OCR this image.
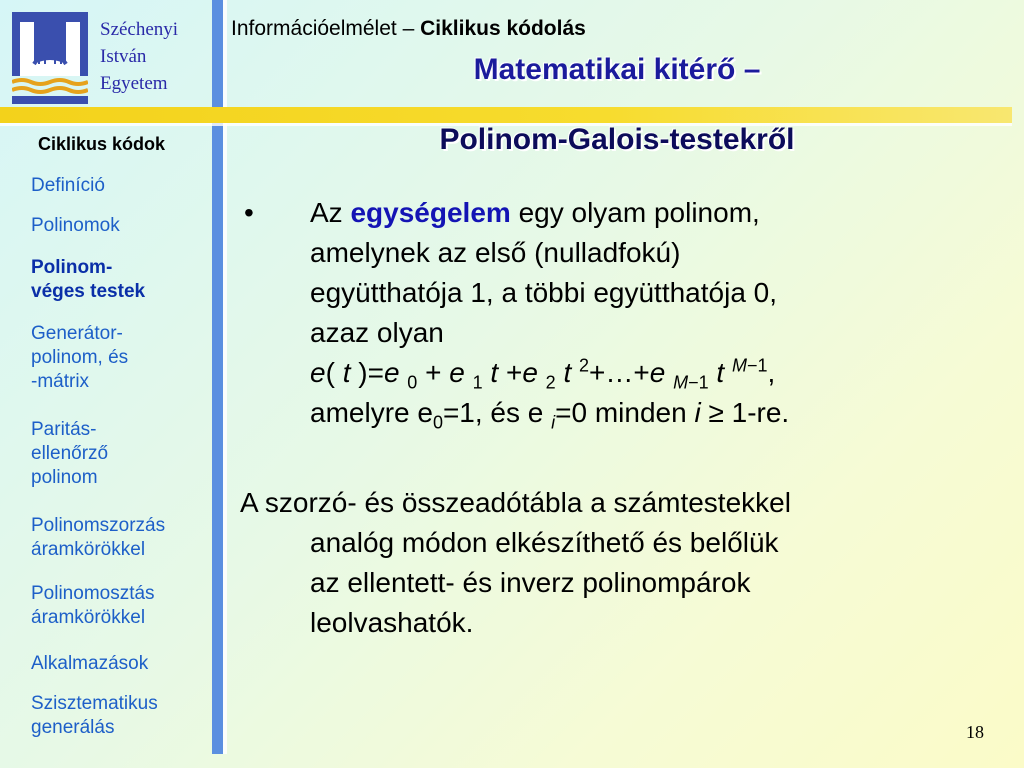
Széchenyi
István
Egyetem
Információelmélet – Ciklikus kódolás
Matematikai kitérő –
Polinom-Galois-testekről
Ciklikus kódok
Definíció
Polinomok
Polinom-
véges testek
Generátor-
polinom, és
-mátrix
Paritás-
ellenőrző
polinom
Polinomszorzás
áramkörökkel
Polinomosztás
áramkörökkel
Alkalmazások
Szisztematikus
generálás
• Az egységelem egy olyam polinom,
amelynek az első (nulladfokú)
együtthatója 1, a többi együtthatója 0,
azaz olyan
e( t )=e $_0$ + e $_1$ t +e $_2$ t $^2$+…+e $_{M-1}$ t $^{M-1}$,
amelyre $e_0=1$, és e $_i$=0 minden i ≥ 1-re.
A szorzó- és összeadótábla a számtestekkel
analóg módon elkészíthető és belőlük
az ellentett- és inverz polinompárok
leolvashatók.
18
